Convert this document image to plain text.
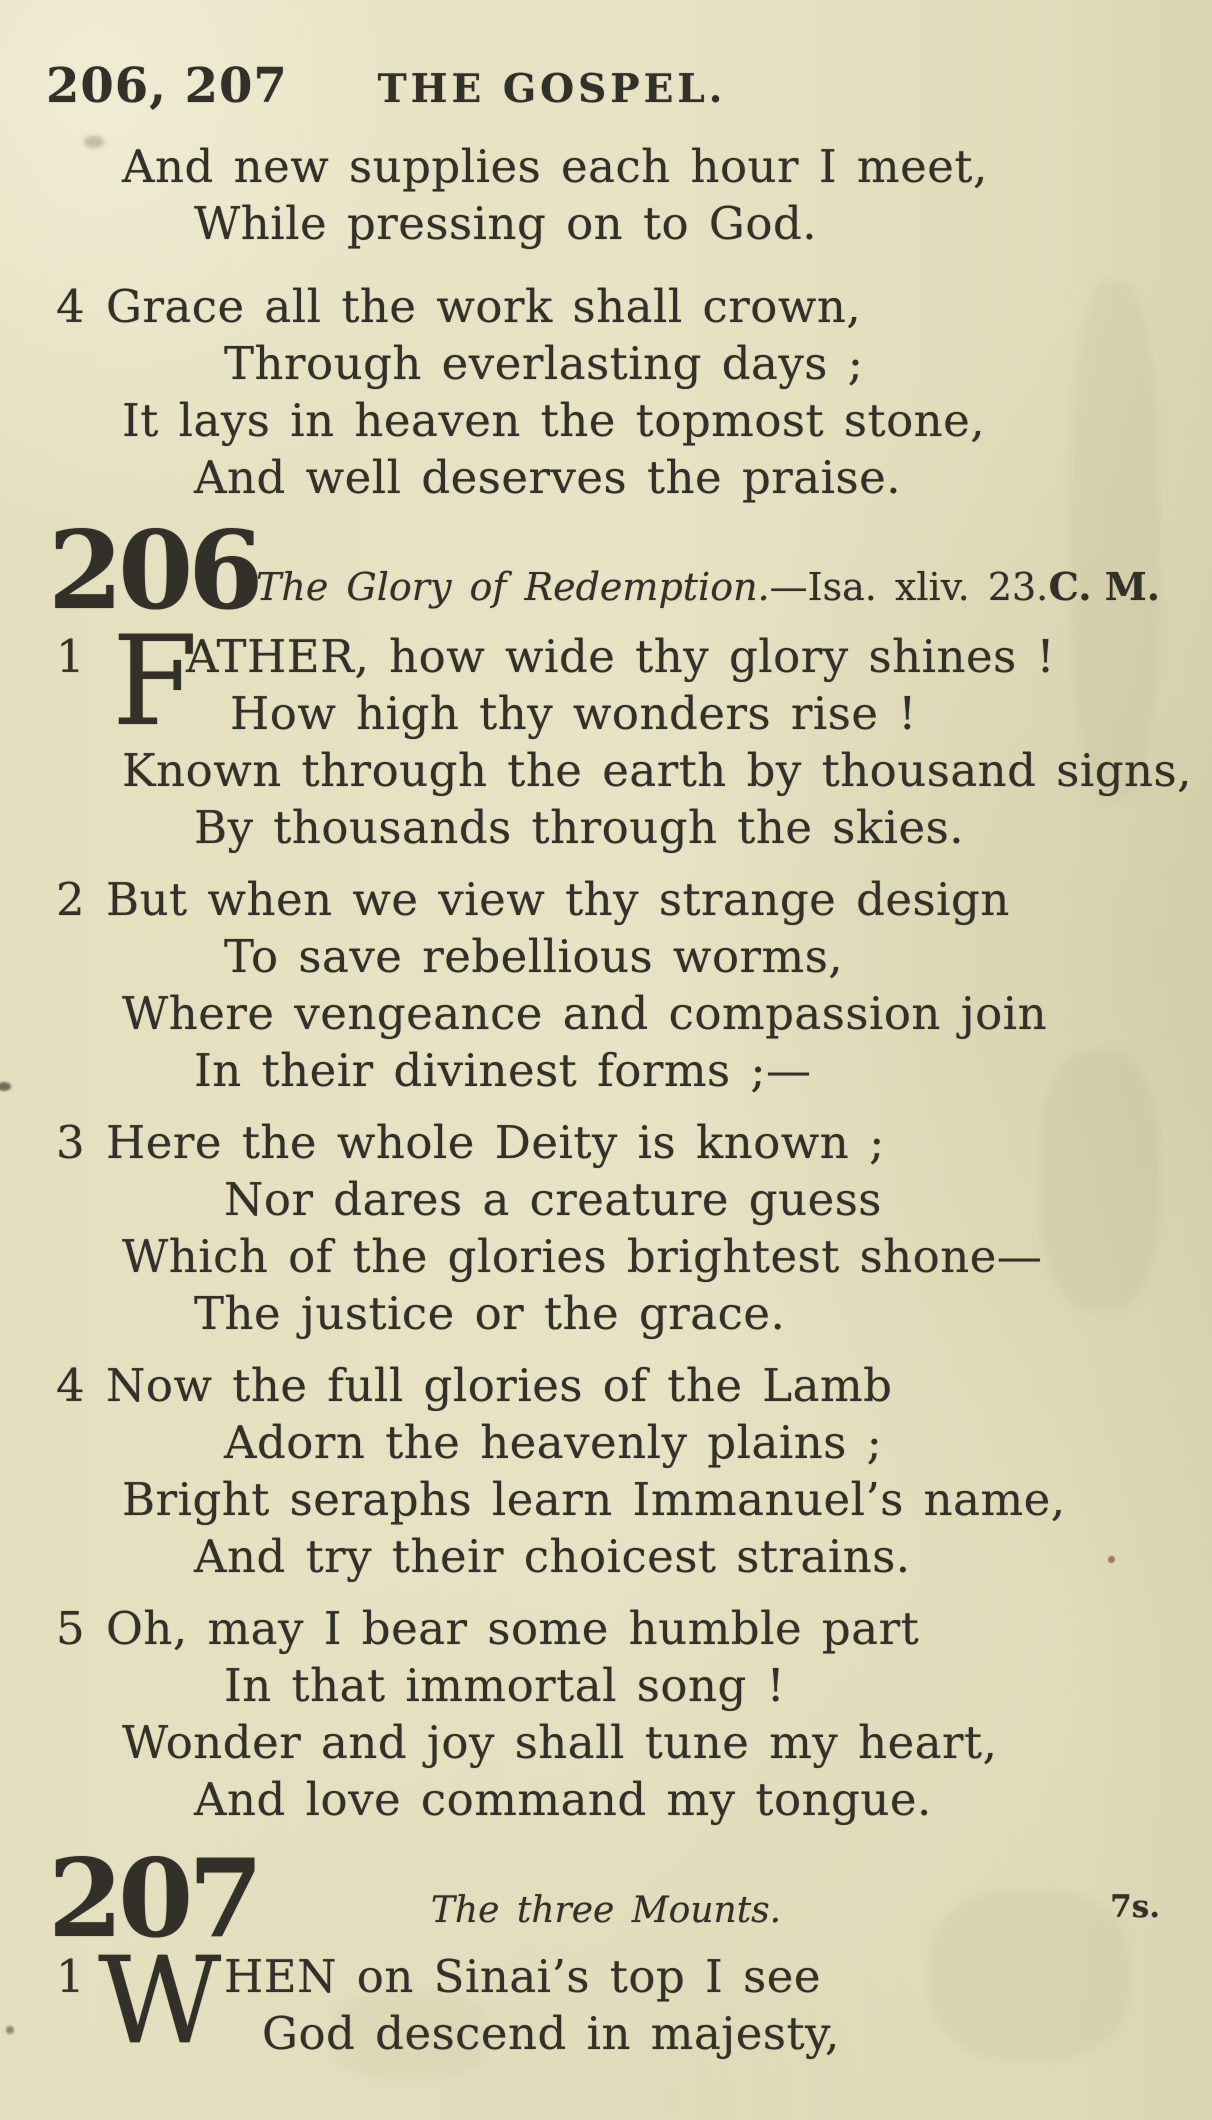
206, 207	THE GOSPEL.
And new supplies each hour I meet,
While pressing on to God.
4 Grace all the work shall crown,
Through everlasting days ;
It lays in heaven the topmost stone,
And well deserves the praise.
206
The Glory of Redemption.—Isa. xliv. 23. C. M.
1 F
ATHER, how wide thy glory shines !
How high thy wonders rise !
Known through the earth by thousand signs,
By thousands through the skies.
2 But when we view thy strange design
To save rebellious worms,
Where vengeance and compassion join
In their divinest forms ;—
3 Here the whole Deity is known ;
Nor dares a creature guess
Which of the glories brightest shone—
The justice or the grace.
4 Now the full glories of the Lamb
Adorn the heavenly plains ;
Bright seraphs learn Immanuel’s name,
And try their choicest strains.
5 Oh, may I bear some humble part
In that immortal song !
Wonder and joy shall tune my heart,
And love command my tongue.
207	The three Mounts.	7s.
1 W HEN on Sinai’s top I see
God descend in majesty,
